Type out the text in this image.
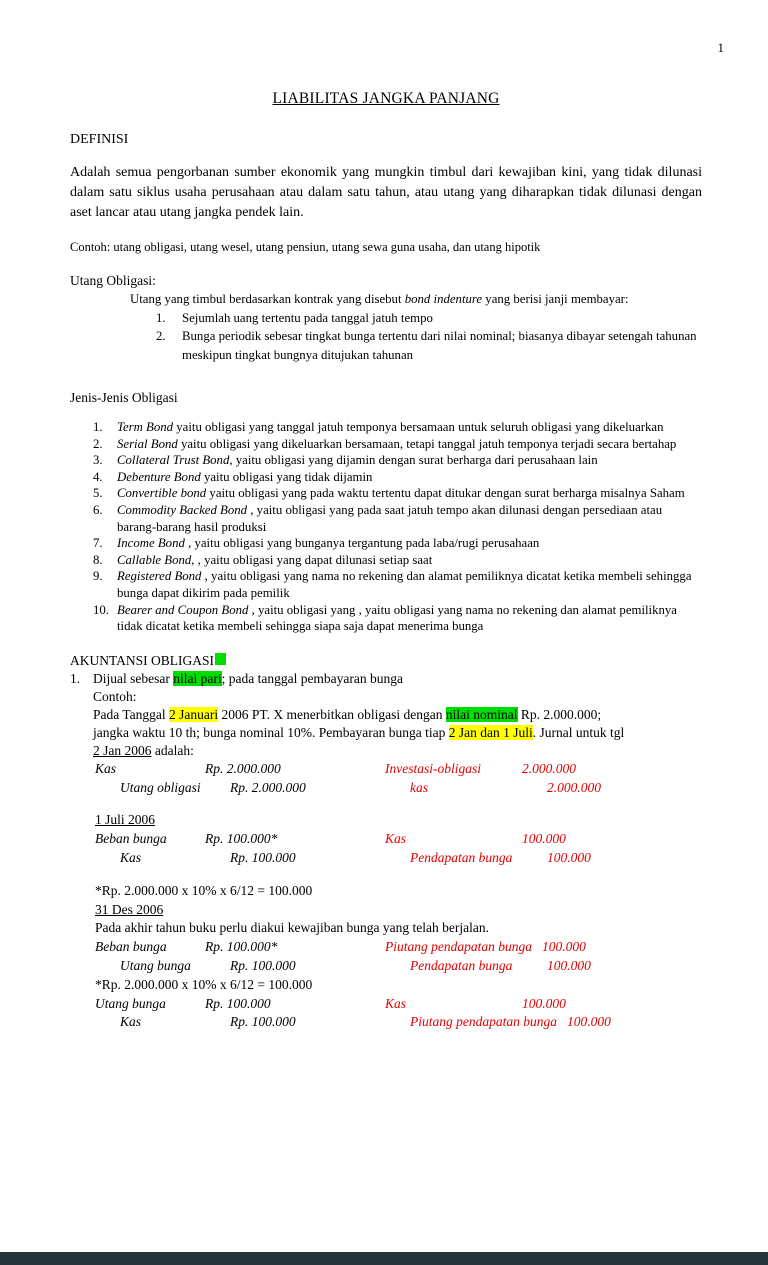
1
LIABILITAS JANGKA PANJANG
DEFINISI

Adalah semua pengorbanan sumber ekonomik yang mungkin timbul dari kewajiban kini, yang tidak dilunasi dalam satu siklus usaha perusahaan atau dalam satu tahun, atau utang yang diharapkan tidak dilunasi dengan aset lancar atau utang jangka pendek lain.

Contoh: utang obligasi, utang wesel, utang pensiun, utang sewa guna usaha, dan utang hipotik

Utang Obligasi:
Utang yang timbul berdasarkan kontrak yang disebut bond indenture yang berisi janji membayar:
1.	Sejumlah uang tertentu pada tanggal jatuh tempo
2.	Bunga periodik sebesar tingkat bunga tertentu dari nilai nominal; biasanya dibayar setengah tahunan meskipun tingkat bungnya ditujukan tahunan
Jenis-Jenis Obligasi
1.	Term Bond yaitu obligasi yang tanggal jatuh temponya bersamaan untuk seluruh obligasi yang dikeluarkan
2.	Serial Bond yaitu obligasi yang dikeluarkan bersamaan, tetapi tanggal jatuh temponya terjadi secara bertahap
3.	Collateral Trust Bond, yaitu obligasi yang dijamin dengan surat berharga dari perusahaan lain
4.	Debenture Bond yaitu obligasi yang tidak dijamin
5.	Convertible bond yaitu obligasi yang pada waktu tertentu dapat ditukar dengan surat berharga misalnya Saham
6.	Commodity Backed Bond , yaitu obligasi yang pada saat jatuh tempo akan dilunasi dengan persediaan atau barang-barang hasil produksi
7.	Income Bond , yaitu obligasi yang bunganya tergantung pada laba/rugi perusahaan
8.	Callable Bond, , yaitu obligasi yang dapat dilunasi setiap saat
9.	Registered Bond , yaitu obligasi yang nama no rekening dan alamat pemiliknya dicatat ketika membeli sehingga bunga dapat dikirim pada pemilik
10. Bearer and Coupon Bond , yaitu obligasi yang , yaitu obligasi yang nama no rekening dan alamat pemiliknya tidak dicatat ketika membeli sehingga siapa saja dapat menerima bunga
AKUNTANSI OBLIGASI
1. Dijual sebesar nilai pari; pada tanggal pembayaran bunga
Contoh:
Pada Tanggal 2 Januari 2006 PT. X menerbitkan obligasi dengan nilai nominal Rp. 2.000.000;
jangka waktu 10 th; bunga nominal 10%. Pembayaran bunga tiap 2 Jan dan 1 Juli. Jurnal untuk tgl
2 Jan 2006 adalah:
Kas	Rp. 2.000.000	Investasi-obligasi	2.000.000
Utang obligasi	Rp. 2.000.000	kas	2.000.000
1 Juli 2006
Beban bunga	Rp. 100.000*	Kas	100.000
Kas	Rp. 100.000	Pendapatan bunga	100.000
*Rp. 2.000.000 x 10% x 6/12 = 100.000
31 Des 2006
Pada akhir tahun buku perlu diakui kewajiban bunga yang telah berjalan.
Beban bunga	Rp. 100.000*	Piutang pendapatan bunga 100.000
Utang bunga	Rp. 100.000	Pendapatan bunga	100.000
*Rp. 2.000.000 x 10% x 6/12 = 100.000
Utang bunga	Rp. 100.000	Kas	100.000
Kas	Rp. 100.000	Piutang pendapatan bunga 100.000
